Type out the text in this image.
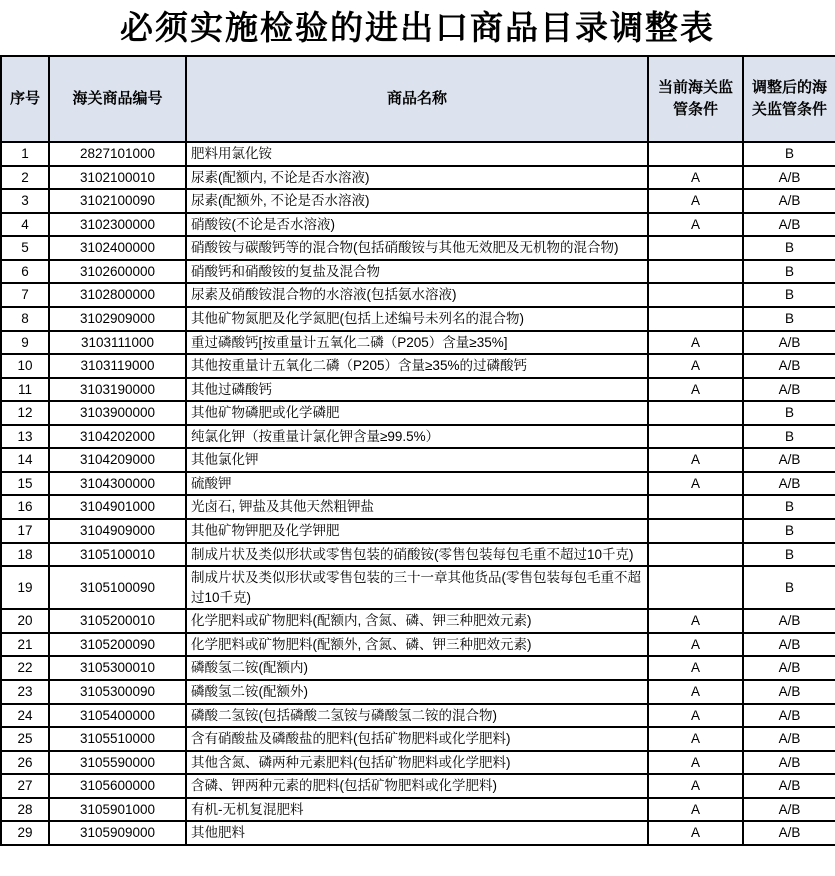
必须实施检验的进出口商品目录调整表
序号	海关商品编号	商品名称	当前海关监管条件	调整后的海关监管条件
1	2827101000	肥料用氯化铵		B
2	3102100010	尿素(配额内, 不论是否水溶液)	A	A/B
3	3102100090	尿素(配额外, 不论是否水溶液)	A	A/B
4	3102300000	硝酸铵(不论是否水溶液)	A	A/B
5	3102400000	硝酸铵与碳酸钙等的混合物(包括硝酸铵与其他无效肥及无机物的混合物)		B
6	3102600000	硝酸钙和硝酸铵的复盐及混合物		B
7	3102800000	尿素及硝酸铵混合物的水溶液(包括氨水溶液)		B
8	3102909000	其他矿物氮肥及化学氮肥(包括上述编号未列名的混合物)		B
9	3103111000	重过磷酸钙[按重量计五氧化二磷（P205）含量≥35%]	A	A/B
10	3103119000	其他按重量计五氧化二磷（P205）含量≥35%的过磷酸钙	A	A/B
11	3103190000	其他过磷酸钙	A	A/B
12	3103900000	其他矿物磷肥或化学磷肥		B
13	3104202000	纯氯化钾（按重量计氯化钾含量≥99.5%）		B
14	3104209000	其他氯化钾	A	A/B
15	3104300000	硫酸钾	A	A/B
16	3104901000	光卤石, 钾盐及其他天然粗钾盐		B
17	3104909000	其他矿物钾肥及化学钾肥		B
18	3105100010	制成片状及类似形状或零售包装的硝酸铵(零售包装每包毛重不超过10千克)		B
19	3105100090	制成片状及类似形状或零售包装的三十一章其他货品(零售包装每包毛重不超过10千克)		B
20	3105200010	化学肥料或矿物肥料(配额内, 含氮、磷、钾三种肥效元素)	A	A/B
21	3105200090	化学肥料或矿物肥料(配额外, 含氮、磷、钾三种肥效元素)	A	A/B
22	3105300010	磷酸氢二铵(配额内)	A	A/B
23	3105300090	磷酸氢二铵(配额外)	A	A/B
24	3105400000	磷酸二氢铵(包括磷酸二氢铵与磷酸氢二铵的混合物)	A	A/B
25	3105510000	含有硝酸盐及磷酸盐的肥料(包括矿物肥料或化学肥料)	A	A/B
26	3105590000	其他含氮、磷两种元素肥料(包括矿物肥料或化学肥料)	A	A/B
27	3105600000	含磷、钾两种元素的肥料(包括矿物肥料或化学肥料)	A	A/B
28	3105901000	有机-无机复混肥料	A	A/B
29	3105909000	其他肥料	A	A/B
